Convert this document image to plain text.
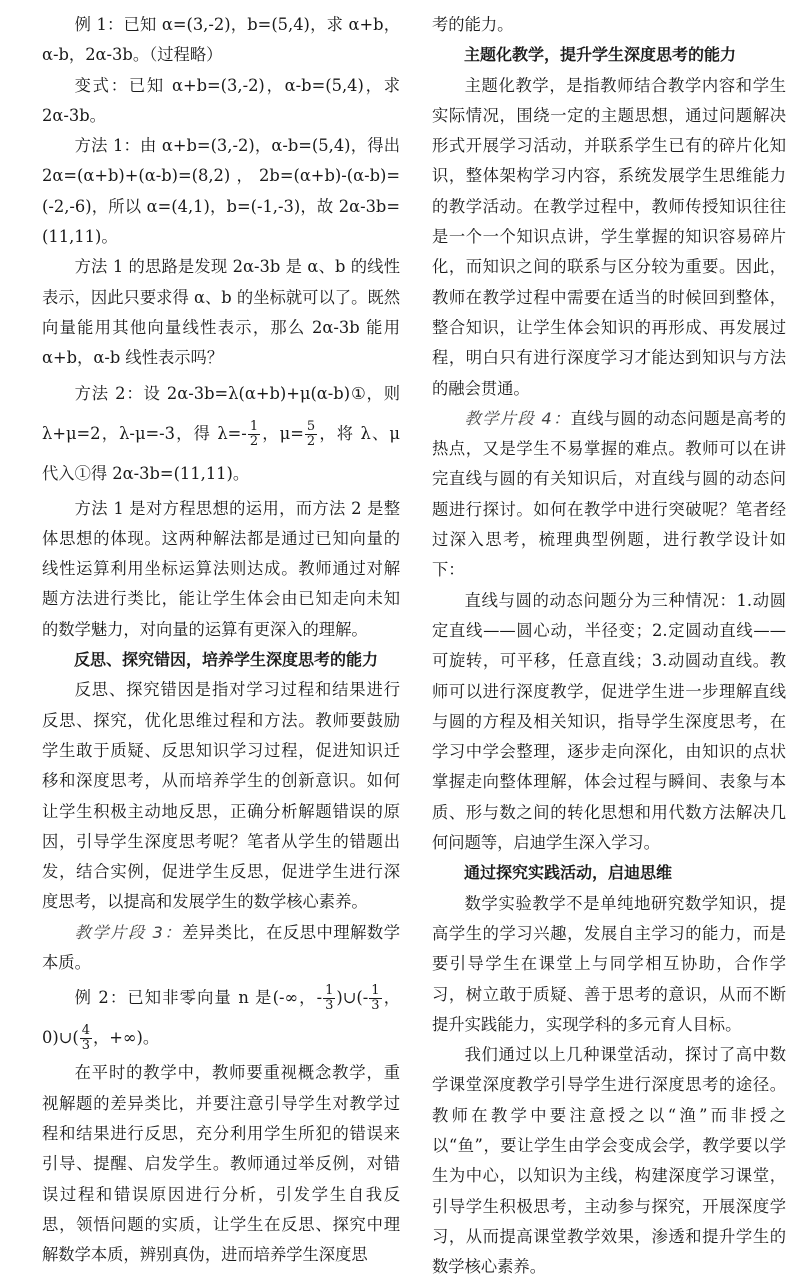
例 1：已知 α=(3,-2)，b=(5,4)，求 α+b，α-b，2α-3b。（过程略）

变式：已知 α+b=(3,-2)，α-b=(5,4)，求 2α-3b。

方法 1：由 α+b=(3,-2)，α-b=(5,4)，得出2α=(α+b)+(α-b)=(8,2)，2b=(α+b)-(α-b)=(-2,-6)，所以 α=(4,1)，b=(-1,-3)，故 2α-3b=(11,11)。

方法 1 的思路是发现 2α-3b 是 α、b 的线性表示，因此只要求得 α、b 的坐标就可以了。既然向量能用其他向量线性表示，那么 2α-3b 能用 α+b，α-b 线性表示吗？

方法 2：设 2α-3b=λ(α+b)+μ(α-b)①，则 λ+μ=2，λ-μ=-3，得 $\lambda=- \frac{1}{2}$ ，$\mu= \frac{5}{2}$ ，将 λ、μ 代入①得 2α-3b=(11,11)。

方法 1 是对方程思想的运用，而方法 2 是整体思想的体现。这两种解法都是通过已知向量的线性运算利用坐标运算法则达成。教师通过对解题方法进行类比，能让学生体会由已知走向未知的数学魅力，对向量的运算有更深入的理解。

反思、探究错因，培养学生深度思考的能力

反思、探究错因是指对学习过程和结果进行反思、探究，优化思维过程和方法。教师要鼓励学生敢于质疑、反思知识学习过程，促进知识迁移和深度思考，从而培养学生的创新意识。如何让学生积极主动地反思，正确分析解题错误的原因，引导学生深度思考呢？笔者从学生的错题出发，结合实例，促进学生反思，促进学生进行深度思考，以提高和发展学生的数学核心素养。

教学片段 3：差异类比，在反思中理解数学本质。

例 2：已知非零向量 n 是(-∞，- $\frac{1}{3}$ )∪(- $\frac{1}{3}$ ，0)∪( $\frac{4}{3}$ ，+∞)。

在平时的教学中，教师要重视概念教学，重视解题的差异类比，并要注意引导学生对教学过程和结果进行反思，充分利用学生所犯的错误来引导、提醒、启发学生。教师通过举反例，对错误过程和错误原因进行分析，引发学生自我反思，领悟问题的实质，让学生在反思、探究中理解数学本质，辨别真伪，进而培养学生深度思

考的能力。

主题化教学，提升学生深度思考的能力

主题化教学，是指教师结合教学内容和学生实际情况，围绕一定的主题思想，通过问题解决形式开展学习活动，并联系学生已有的碎片化知识，整体架构学习内容，系统发展学生思维能力的教学活动。在教学过程中，教师传授知识往往是一个一个知识点讲，学生掌握的知识容易碎片化，而知识之间的联系与区分较为重要。因此，教师在教学过程中需要在适当的时候回到整体，整合知识，让学生体会知识的再形成、再发展过程，明白只有进行深度学习才能达到知识与方法的融会贯通。

教学片段 4：直线与圆的动态问题是高考的热点，又是学生不易掌握的难点。教师可以在讲完直线与圆的有关知识后，对直线与圆的动态问题进行探讨。如何在教学中进行突破呢？笔者经过深入思考，梳理典型例题，进行教学设计如下：

直线与圆的动态问题分为三种情况：1.动圆定直线——圆心动，半径变；2.定圆动直线——可旋转，可平移，任意直线；3.动圆动直线。教师可以进行深度教学，促进学生进一步理解直线与圆的方程及相关知识，指导学生深度思考，在学习中学会整理，逐步走向深化，由知识的点状掌握走向整体理解，体会过程与瞬间、表象与本质、形与数之间的转化思想和用代数方法解决几何问题等，启迪学生深入学习。

通过探究实践活动，启迪思维

数学实验教学不是单纯地研究数学知识，提高学生的学习兴趣，发展自主学习的能力，而是要引导学生在课堂上与同学相互协助，合作学习，树立敢于质疑、善于思考的意识，从而不断提升实践能力，实现学科的多元育人目标。

我们通过以上几种课堂活动，探讨了高中数学课堂深度教学引导学生进行深度思考的途径。教师在教学中要注意授之以“渔”而非授之以“鱼”，要让学生由学会变成会学，教学要以学生为中心，以知识为主线，构建深度学习课堂，引导学生积极思考，主动参与探究，开展深度学习，从而提高课堂教学效果，渗透和提升学生的数学核心素养。
